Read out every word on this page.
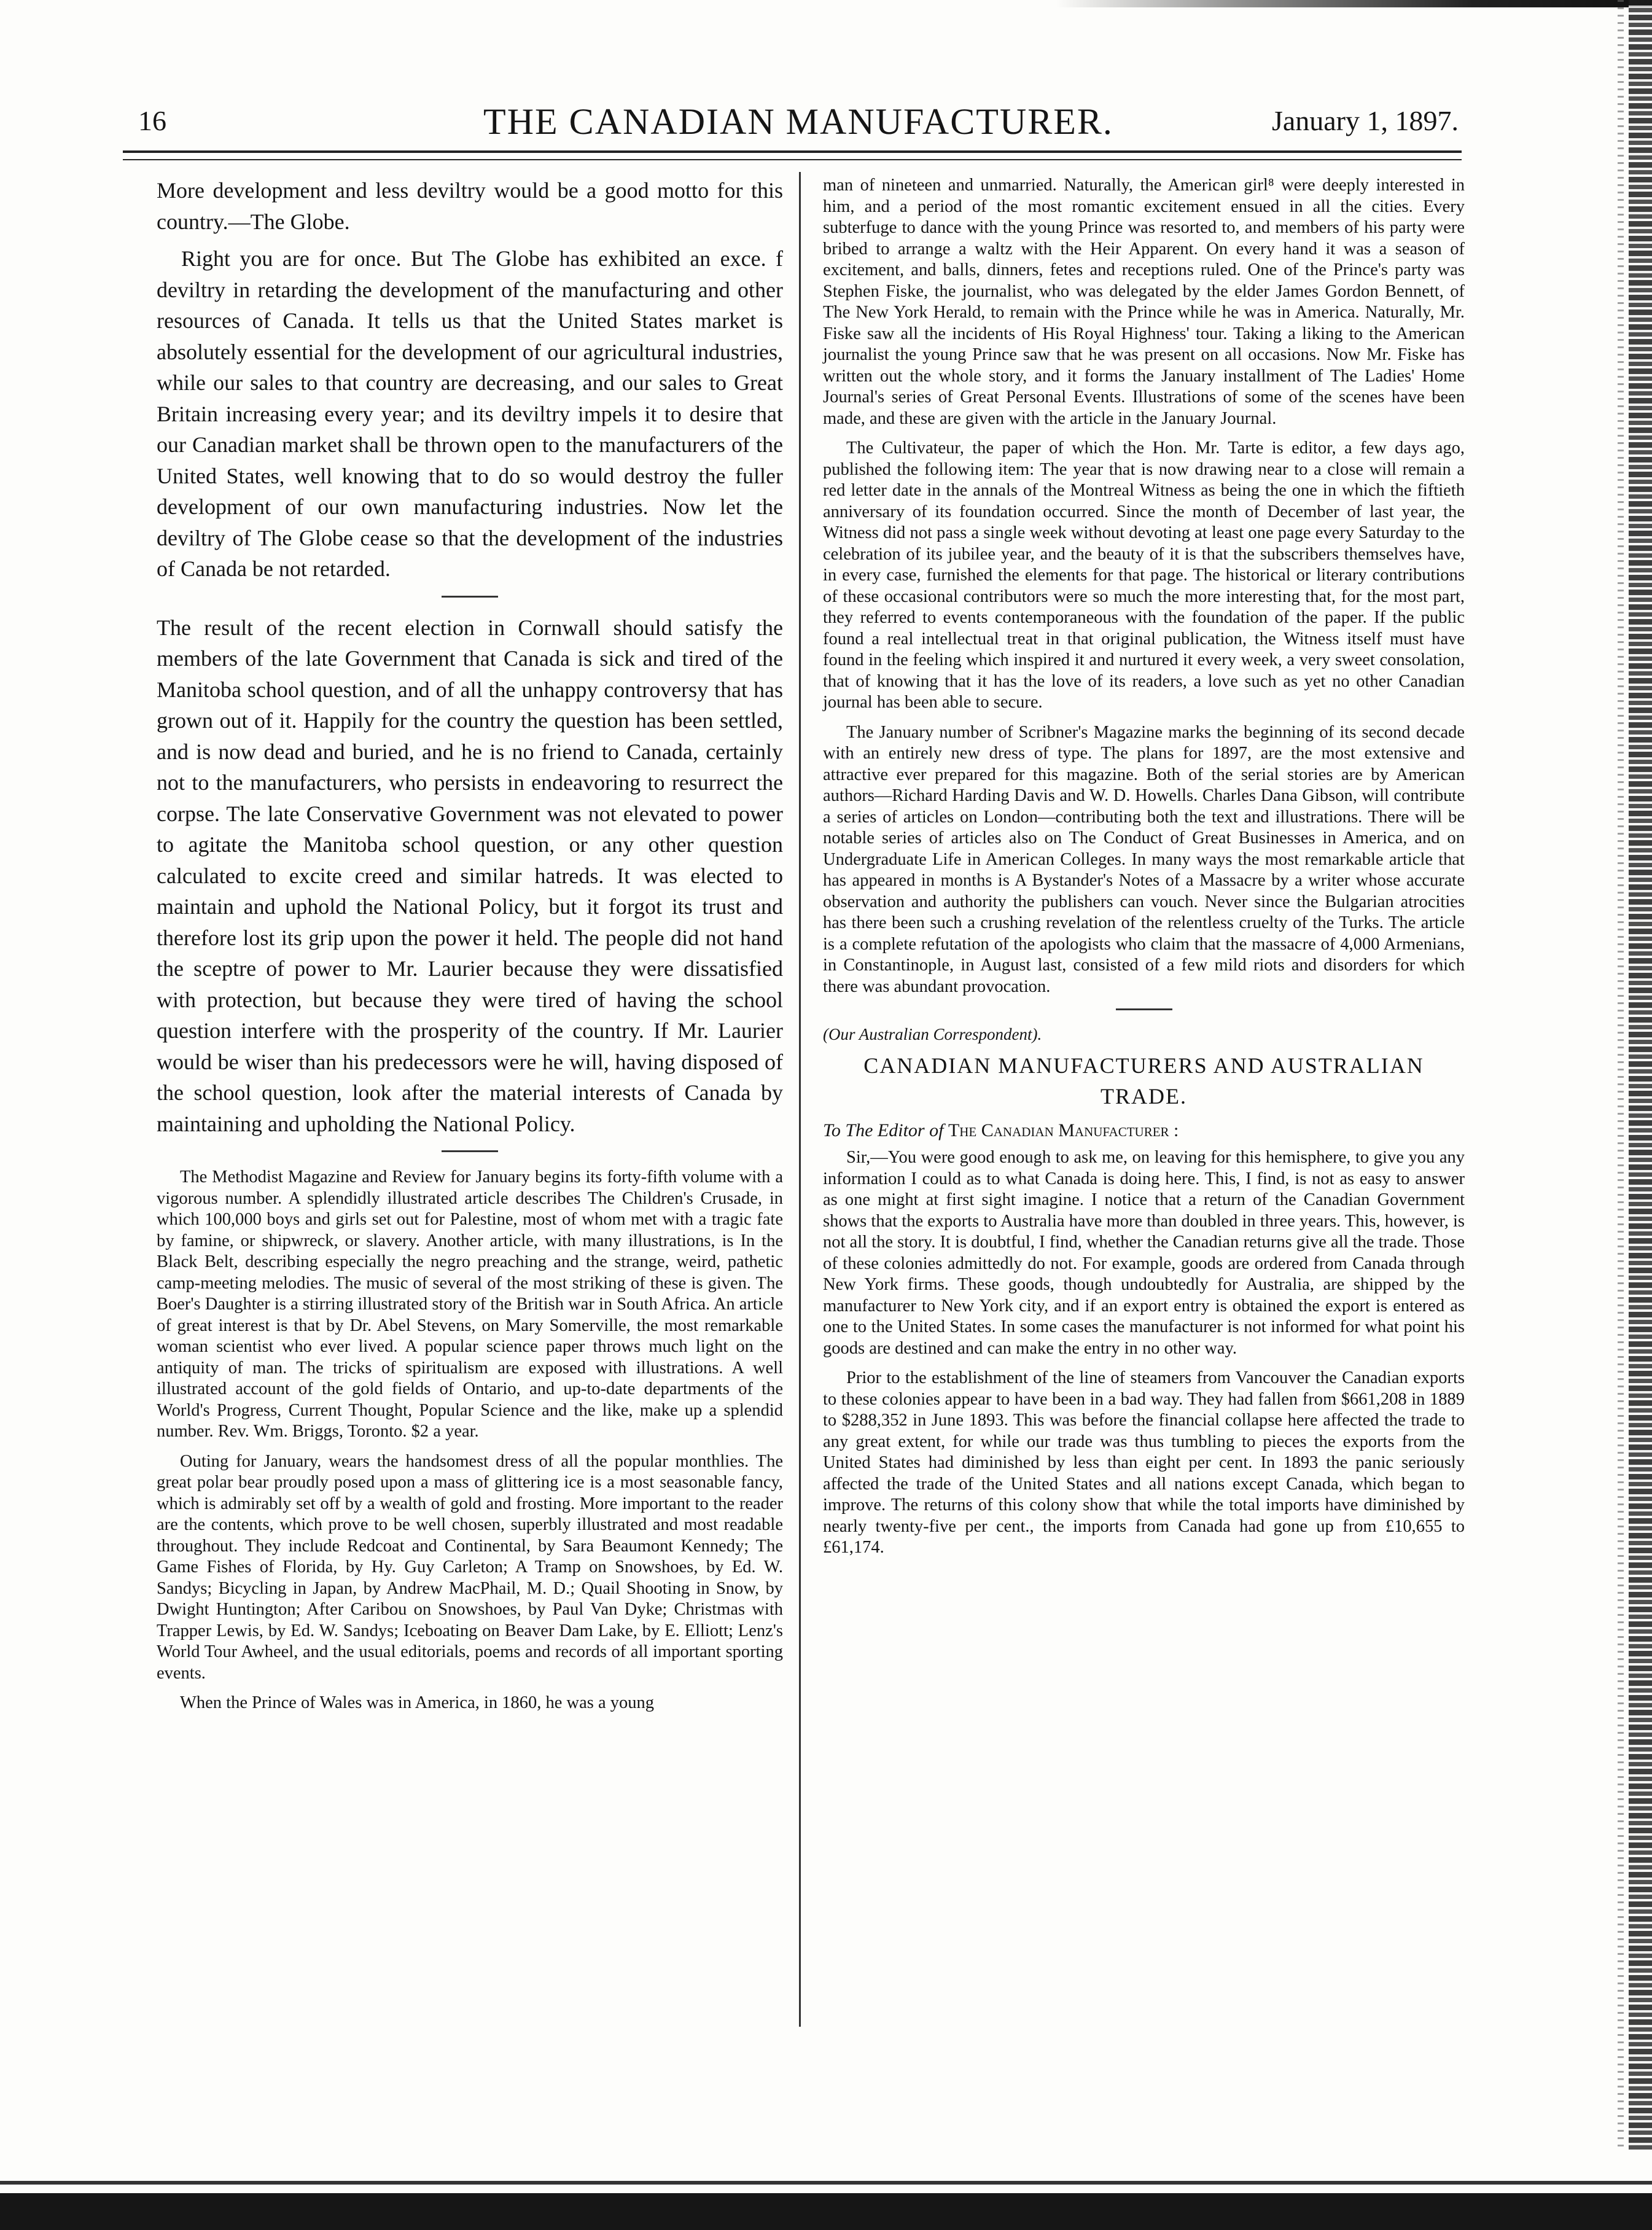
16	THE CANADIAN MANUFACTURER.	January 1, 1897.

More development and less deviltry would be a good motto for this country.—The Globe.

Right you are for once. But The Globe has exhibited an exce. f deviltry in retarding the development of the manufacturing and other resources of Canada. It tells us that the United States market is absolutely essential for the development of our agricultural industries, while our sales to that country are decreasing, and our sales to Great Britain increasing every year; and its deviltry impels it to desire that our Canadian market shall be thrown open to the manufacturers of the United States, well knowing that to do so would destroy the fuller development of our own manufacturing industries. Now let the deviltry of The Globe cease so that the development of the industries of Canada be not retarded.

The result of the recent election in Cornwall should satisfy the members of the late Government that Canada is sick and tired of the Manitoba school question, and of all the unhappy controversy that has grown out of it. Happily for the country the question has been settled, and is now dead and buried, and he is no friend to Canada, certainly not to the manufacturers, who persists in endeavoring to resurrect the corpse. The late Conservative Government was not elevated to power to agitate the Manitoba school question, or any other question calculated to excite creed and similar hatreds. It was elected to maintain and uphold the National Policy, but it forgot its trust and therefore lost its grip upon the power it held. The people did not hand the sceptre of power to Mr. Laurier because they were dissatisfied with protection, but because they were tired of having the school question interfere with the prosperity of the country. If Mr. Laurier would be wiser than his predecessors were he will, having disposed of the school question, look after the material interests of Canada by maintaining and upholding the National Policy.

The Methodist Magazine and Review for January begins its forty-fifth volume with a vigorous number. A splendidly illustrated article describes The Children's Crusade, in which 100,000 boys and girls set out for Palestine, most of whom met with a tragic fate by famine, or shipwreck, or slavery. Another article, with many illustrations, is In the Black Belt, describing especially the negro preaching and the strange, weird, pathetic camp-meeting melodies. The music of several of the most striking of these is given. The Boer's Daughter is a stirring illustrated story of the British war in South Africa. An article of great interest is that by Dr. Abel Stevens, on Mary Somerville, the most remarkable woman scientist who ever lived. A popular science paper throws much light on the antiquity of man. The tricks of spiritualism are exposed with illustrations. A well illustrated account of the gold fields of Ontario, and up-to-date departments of the World's Progress, Current Thought, Popular Science and the like, make up a splendid number. Rev. Wm. Briggs, Toronto. $2 a year.

Outing for January, wears the handsomest dress of all the popular monthlies. The great polar bear proudly posed upon a mass of glittering ice is a most seasonable fancy, which is admirably set off by a wealth of gold and frosting. More important to the reader are the contents, which prove to be well chosen, superbly illustrated and most readable throughout. They include Redcoat and Continental, by Sara Beaumont Kennedy; The Game Fishes of Florida, by Hy. Guy Carleton; A Tramp on Snowshoes, by Ed. W. Sandys; Bicycling in Japan, by Andrew MacPhail, M. D.; Quail Shooting in Snow, by Dwight Huntington; After Caribou on Snowshoes, by Paul Van Dyke; Christmas with Trapper Lewis, by Ed. W. Sandys; Iceboating on Beaver Dam Lake, by E. Elliott; Lenz's World Tour Awheel, and the usual editorials, poems and records of all important sporting events.

When the Prince of Wales was in America, in 1860, he was a young

man of nineteen and unmarried. Naturally, the American girl⁸ were deeply interested in him, and a period of the most romantic excitement ensued in all the cities. Every subterfuge to dance with the young Prince was resorted to, and members of his party were bribed to arrange a waltz with the Heir Apparent. On every hand it was a season of excitement, and balls, dinners, fetes and receptions ruled. One of the Prince's party was Stephen Fiske, the journalist, who was delegated by the elder James Gordon Bennett, of The New York Herald, to remain with the Prince while he was in America. Naturally, Mr. Fiske saw all the incidents of His Royal Highness' tour. Taking a liking to the American journalist the young Prince saw that he was present on all occasions. Now Mr. Fiske has written out the whole story, and it forms the January installment of The Ladies' Home Journal's series of Great Personal Events. Illustrations of some of the scenes have been made, and these are given with the article in the January Journal.

The Cultivateur, the paper of which the Hon. Mr. Tarte is editor, a few days ago, published the following item: The year that is now drawing near to a close will remain a red letter date in the annals of the Montreal Witness as being the one in which the fiftieth anniversary of its foundation occurred. Since the month of December of last year, the Witness did not pass a single week without devoting at least one page every Saturday to the celebration of its jubilee year, and the beauty of it is that the subscribers themselves have, in every case, furnished the elements for that page. The historical or literary contributions of these occasional contributors were so much the more interesting that, for the most part, they referred to events contemporaneous with the foundation of the paper. If the public found a real intellectual treat in that original publication, the Witness itself must have found in the feeling which inspired it and nurtured it every week, a very sweet consolation, that of knowing that it has the love of its readers, a love such as yet no other Canadian journal has been able to secure.

The January number of Scribner's Magazine marks the beginning of its second decade with an entirely new dress of type. The plans for 1897, are the most extensive and attractive ever prepared for this magazine. Both of the serial stories are by American authors—Richard Harding Davis and W. D. Howells. Charles Dana Gibson, will contribute a series of articles on London—contributing both the text and illustrations. There will be notable series of articles also on The Conduct of Great Businesses in America, and on Undergraduate Life in American Colleges. In many ways the most remarkable article that has appeared in months is A Bystander's Notes of a Massacre by a writer whose accurate observation and authority the publishers can vouch. Never since the Bulgarian atrocities has there been such a crushing revelation of the relentless cruelty of the Turks. The article is a complete refutation of the apologists who claim that the massacre of 4,000 Armenians, in Constantinople, in August last, consisted of a few mild riots and disorders for which there was abundant provocation.

(Our Australian Correspondent).
CANADIAN MANUFACTURERS AND AUSTRALIAN TRADE.
To The Editor of The Canadian Manufacturer :

Sir,—You were good enough to ask me, on leaving for this hemisphere, to give you any information I could as to what Canada is doing here. This, I find, is not as easy to answer as one might at first sight imagine. I notice that a return of the Canadian Government shows that the exports to Australia have more than doubled in three years. This, however, is not all the story. It is doubtful, I find, whether the Canadian returns give all the trade. Those of these colonies admittedly do not. For example, goods are ordered from Canada through New York firms. These goods, though undoubtedly for Australia, are shipped by the manufacturer to New York city, and if an export entry is obtained the export is entered as one to the United States. In some cases the manufacturer is not informed for what point his goods are destined and can make the entry in no other way.

Prior to the establishment of the line of steamers from Vancouver the Canadian exports to these colonies appear to have been in a bad way. They had fallen from $661,208 in 1889 to $288,352 in June 1893. This was before the financial collapse here affected the trade to any great extent, for while our trade was thus tumbling to pieces the exports from the United States had diminished by less than eight per cent. In 1893 the panic seriously affected the trade of the United States and all nations except Canada, which began to improve. The returns of this colony show that while the total imports have diminished by nearly twenty-five per cent., the imports from Canada had gone up from £10,655 to £61,174.
